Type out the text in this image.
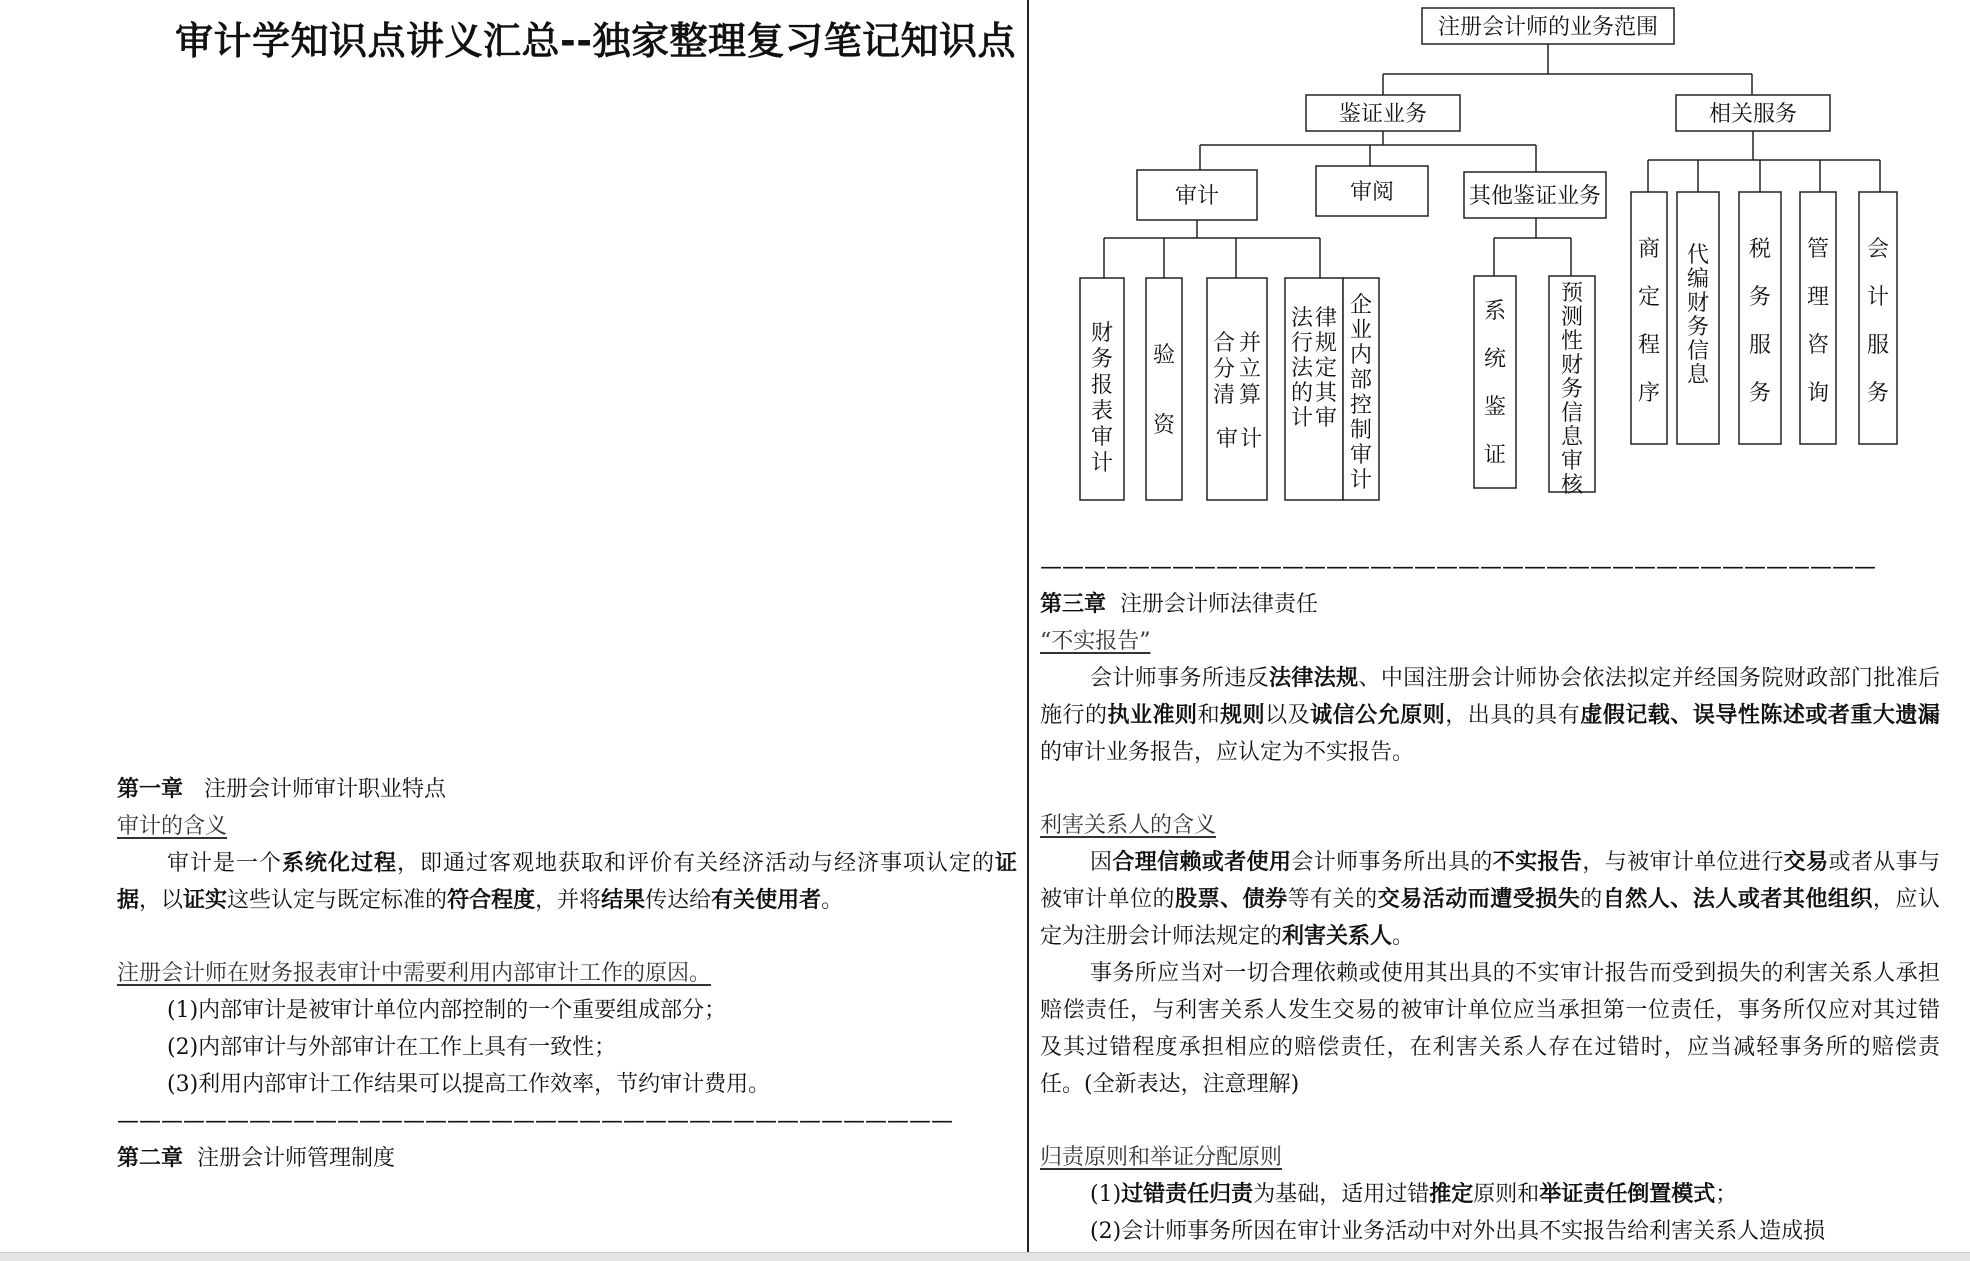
审计学知识点讲义汇总--独家整理复习笔记知识点	注册会计师的业务范围
鉴证业务	相关服务
审计	审阅	其他鉴证业务
财务报表审计
验资
合分清
并立算
审计
法行法的计
律规定其审
企业内部控制审计
系统鉴证
预测性财务信息审核
商定程序
代编财务信息
税务服务
管理咨询
会计服务

第一章 注册会计师审计职业特点

审计的含义

审计是一个系统化过程，即通过客观地获取和评价有关经济活动与经济事项认定的证据，以证实这些认定与既定标准的符合程度，并将结果传达给有关使用者。

注册会计师在财务报表审计中需要利用内部审计工作的原因。

(1)内部审计是被审计单位内部控制的一个重要组成部分；

(2)内部审计与外部审计在工作上具有一致性；

(3)利用内部审计工作结果可以提高工作效率，节约审计费用。

——————————————————————————————————————

第二章 注册会计师管理制度

——————————————————————————————————————

第三章 注册会计师法律责任

“不实报告”

会计师事务所违反法律法规、中国注册会计师协会依法拟定并经国务院财政部门批准后施行的执业准则和规则以及诚信公允原则，出具的具有虚假记载、误导性陈述或者重大遗漏的审计业务报告，应认定为不实报告。

利害关系人的含义

因合理信赖或者使用会计师事务所出具的不实报告，与被审计单位进行交易或者从事与被审计单位的股票、债券等有关的交易活动而遭受损失的自然人、法人或者其他组织，应认定为注册会计师法规定的利害关系人。

事务所应当对一切合理依赖或使用其出具的不实审计报告而受到损失的利害关系人承担赔偿责任，与利害关系人发生交易的被审计单位应当承担第一位责任，事务所仅应对其过错及其过错程度承担相应的赔偿责任，在利害关系人存在过错时，应当减轻事务所的赔偿责任。(全新表达，注意理解)

归责原则和举证分配原则

(1)过错责任归责为基础，适用过错推定原则和举证责任倒置模式；

(2)会计师事务所因在审计业务活动中对外出具不实报告给利害关系人造成损
